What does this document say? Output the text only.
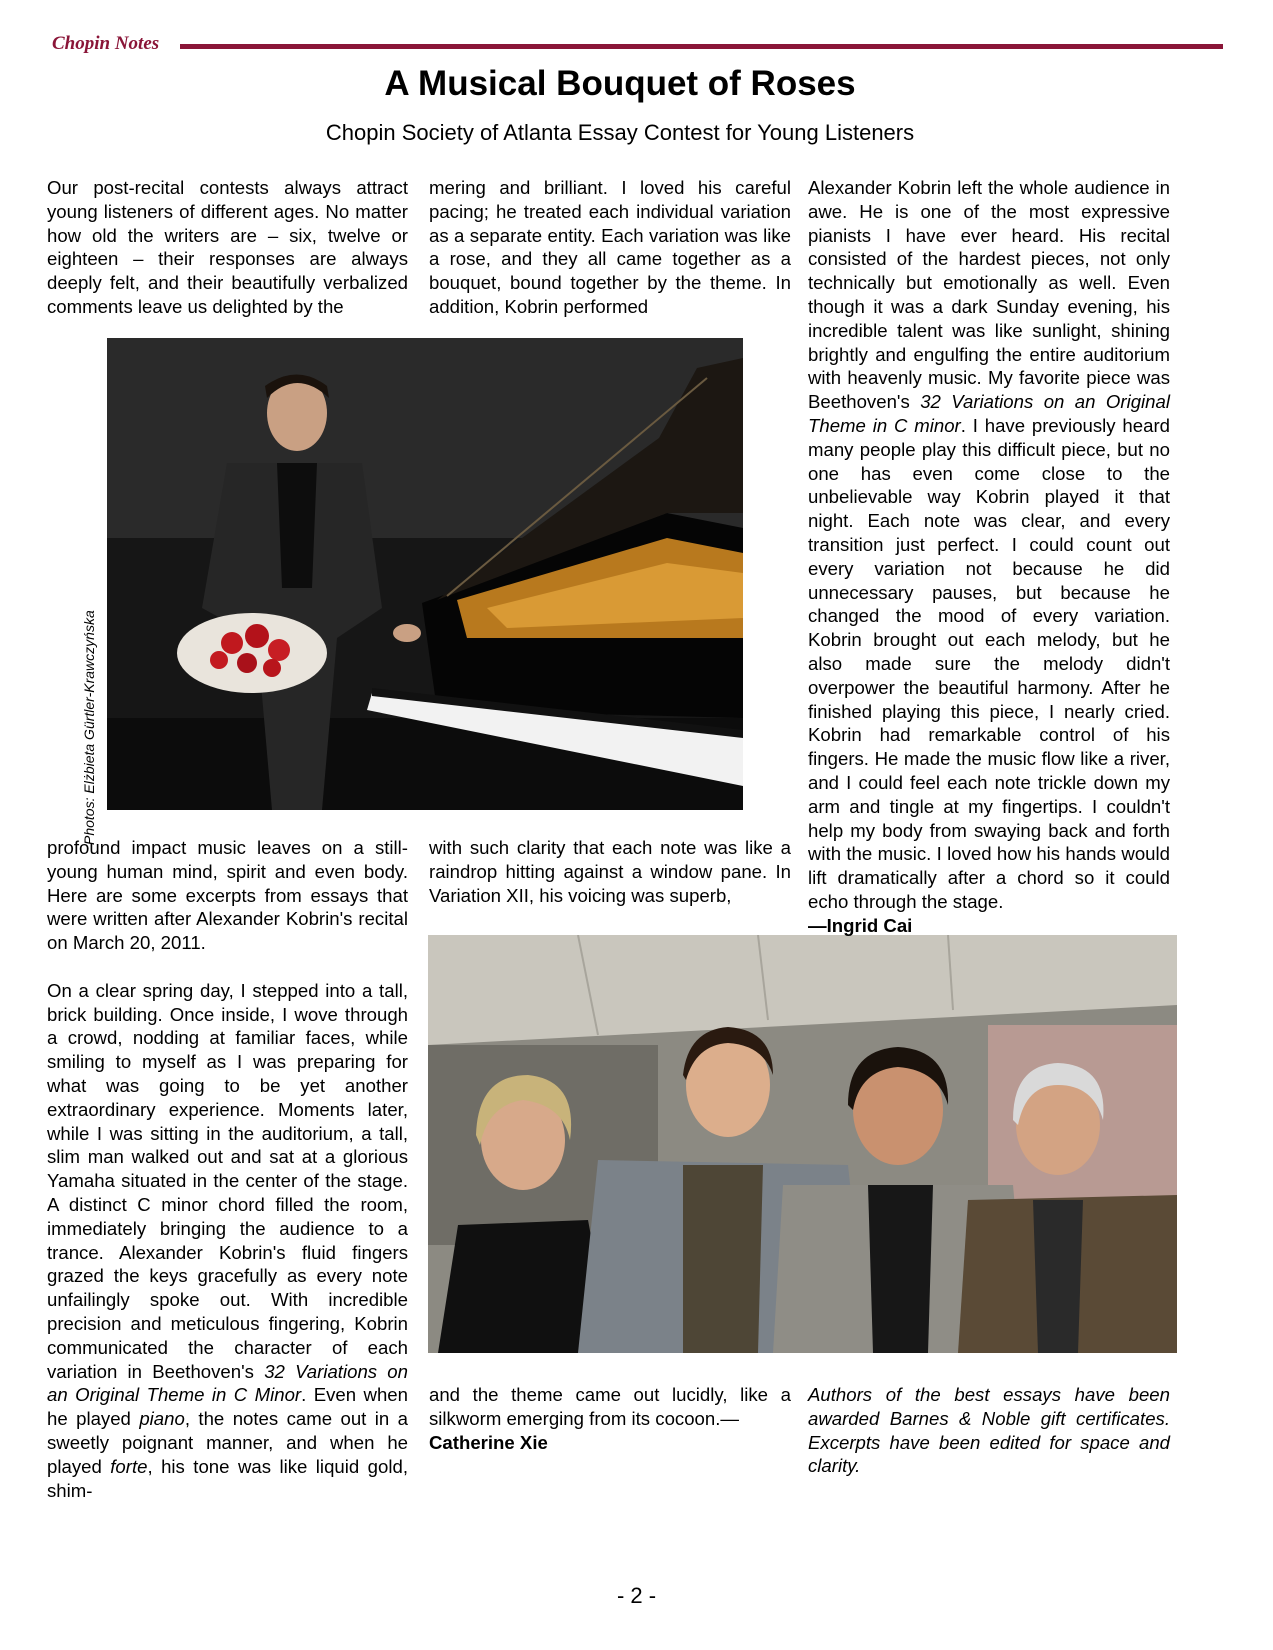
Chopin Notes
A Musical Bouquet of Roses
Chopin Society of Atlanta Essay Contest for Young Listeners

Our post-recital contests always attract young listeners of different ages. No matter how old the writers are – six, twelve or eighteen – their responses are always deeply felt, and their beautifully verbalized comments leave us delighted by the

Photos: Elżbieta Gürtler-Krawczyńska

profound impact music leaves on a still-young human mind, spirit and even body. Here are some excerpts from essays that were written after Alexander Kobrin's recital on March 20, 2011.

On a clear spring day, I stepped into a tall, brick building. Once inside, I wove through a crowd, nodding at familiar faces, while smiling to myself as I was preparing for what was going to be yet another extraordinary experience. Moments later, while I was sitting in the auditorium, a tall, slim man walked out and sat at a glorious Yamaha situated in the center of the stage. A distinct C minor chord filled the room, immediately bringing the audience to a trance. Alexander Kobrin's fluid fingers grazed the keys gracefully as every note unfailingly spoke out. With incredible precision and meticulous fingering, Kobrin communicated the character of each variation in Beethoven's 32 Variations on an Original Theme in C Minor. Even when he played piano, the notes came out in a sweetly poignant manner, and when he played forte, his tone was like liquid gold, shim-

mering and brilliant. I loved his careful pacing; he treated each individual variation as a separate entity. Each variation was like a rose, and they all came together as a bouquet, bound together by the theme. In addition, Kobrin performed

with such clarity that each note was like a raindrop hitting against a window pane. In Variation XII, his voicing was superb,

and the theme came out lucidly, like a silkworm emerging from its cocoon.—

Catherine Xie

Alexander Kobrin left the whole audience in awe. He is one of the most expressive pianists I have ever heard. His recital consisted of the hardest pieces, not only technically but emotionally as well. Even though it was a dark Sunday evening, his incredible talent was like sunlight, shining brightly and engulfing the entire auditorium with heavenly music. My favorite piece was Beethoven's 32 Variations on an Original Theme in C minor. I have previously heard many people play this difficult piece, but no one has even come close to the unbelievable way Kobrin played it that night. Each note was clear, and every transition just perfect. I could count out every variation not because he did unnecessary pauses, but because he changed the mood of every variation. Kobrin brought out each melody, but he also made sure the melody didn't overpower the beautiful harmony. After he finished playing this piece, I nearly cried. Kobrin had remarkable control of his fingers. He made the music flow like a river, and I could feel each note trickle down my arm and tingle at my fingertips. I couldn't help my body from swaying back and forth with the music. I loved how his hands would lift dramatically after a chord so it could echo through the stage.

—Ingrid Cai

Authors of the best essays have been awarded Barnes & Noble gift certificates. Excerpts have been edited for space and clarity.

- 2 -
